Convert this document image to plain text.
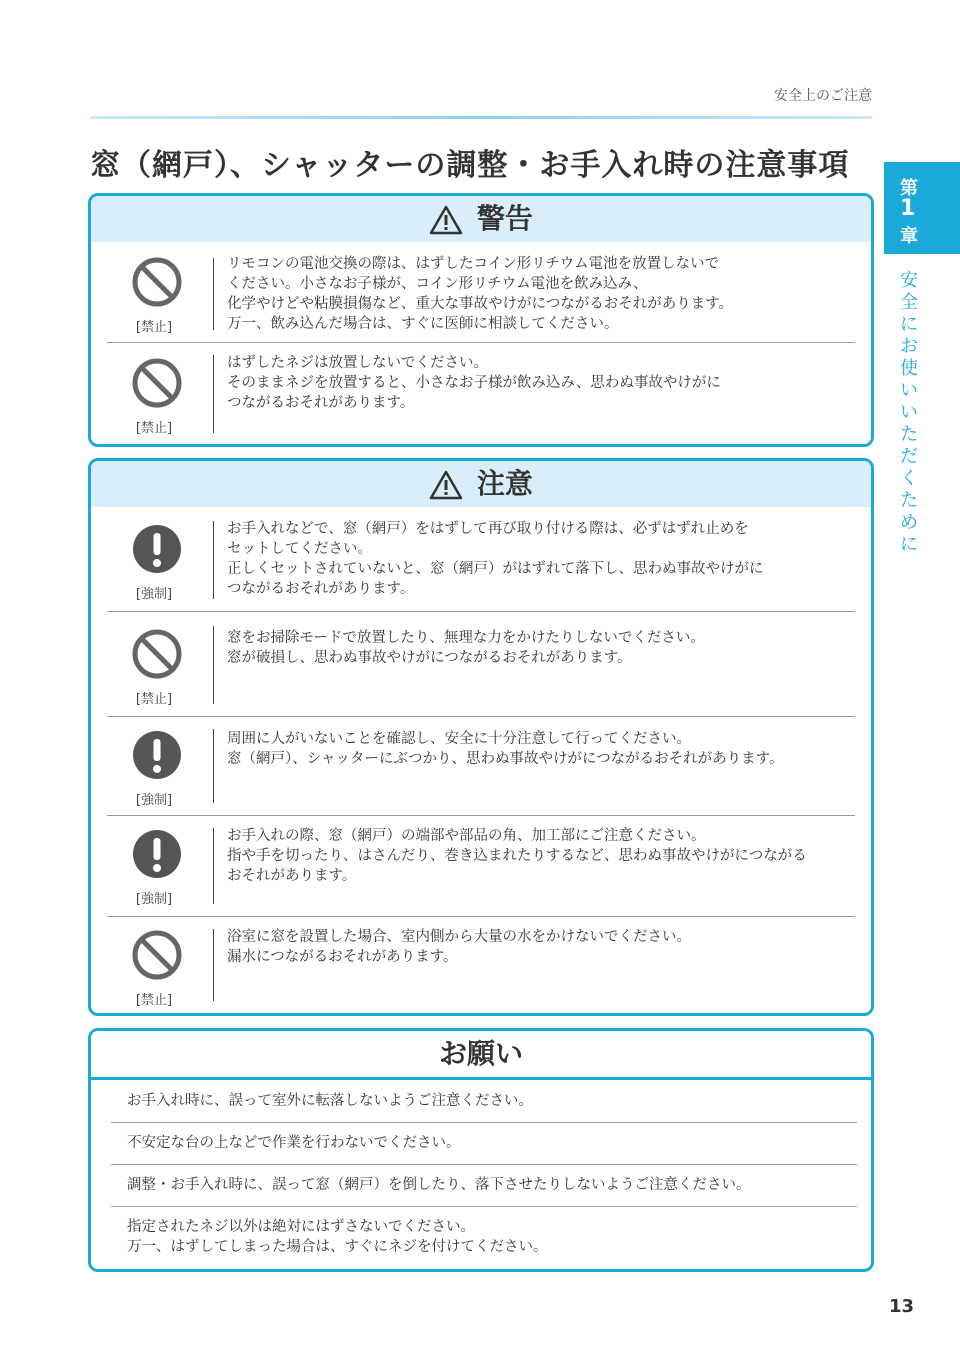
安全上のご注意
窓（網戸）、シャッターの調整・お手入れ時の注意事項
第
1
章
安全にお使いいただくために
警告
[禁止]
リモコンの電池交換の際は、はずしたコイン形リチウム電池を放置しないで
ください。小さなお子様が、コイン形リチウム電池を飲み込み、
化学やけどや粘膜損傷など、重大な事故やけがにつながるおそれがあります。
万一、飲み込んだ場合は、すぐに医師に相談してください。
[禁止]
はずしたネジは放置しないでください。
そのままネジを放置すると、小さなお子様が飲み込み、思わぬ事故やけがに
つながるおそれがあります。
注意
[強制]
お手入れなどで、窓（網戸）をはずして再び取り付ける際は、必ずはずれ止めを
セットしてください。
正しくセットされていないと、窓（網戸）がはずれて落下し、思わぬ事故やけがに
つながるおそれがあります。
[禁止]
窓をお掃除モードで放置したり、無理な力をかけたりしないでください。
窓が破損し、思わぬ事故やけがにつながるおそれがあります。
[強制]
周囲に人がいないことを確認し、安全に十分注意して行ってください。
窓（網戸）、シャッターにぶつかり、思わぬ事故やけがにつながるおそれがあります。
[強制]
お手入れの際、窓（網戸）の端部や部品の角、加工部にご注意ください。
指や手を切ったり、はさんだり、巻き込まれたりするなど、思わぬ事故やけがにつながる
おそれがあります。
[禁止]
浴室に窓を設置した場合、室内側から大量の水をかけないでください。
漏水につながるおそれがあります。
お願い
お手入れ時に、誤って室外に転落しないようご注意ください。
不安定な台の上などで作業を行わないでください。
調整・お手入れ時に、誤って窓（網戸）を倒したり、落下させたりしないようご注意ください。
指定されたネジ以外は絶対にはずさないでください。
万一、はずしてしまった場合は、すぐにネジを付けてください。
13
